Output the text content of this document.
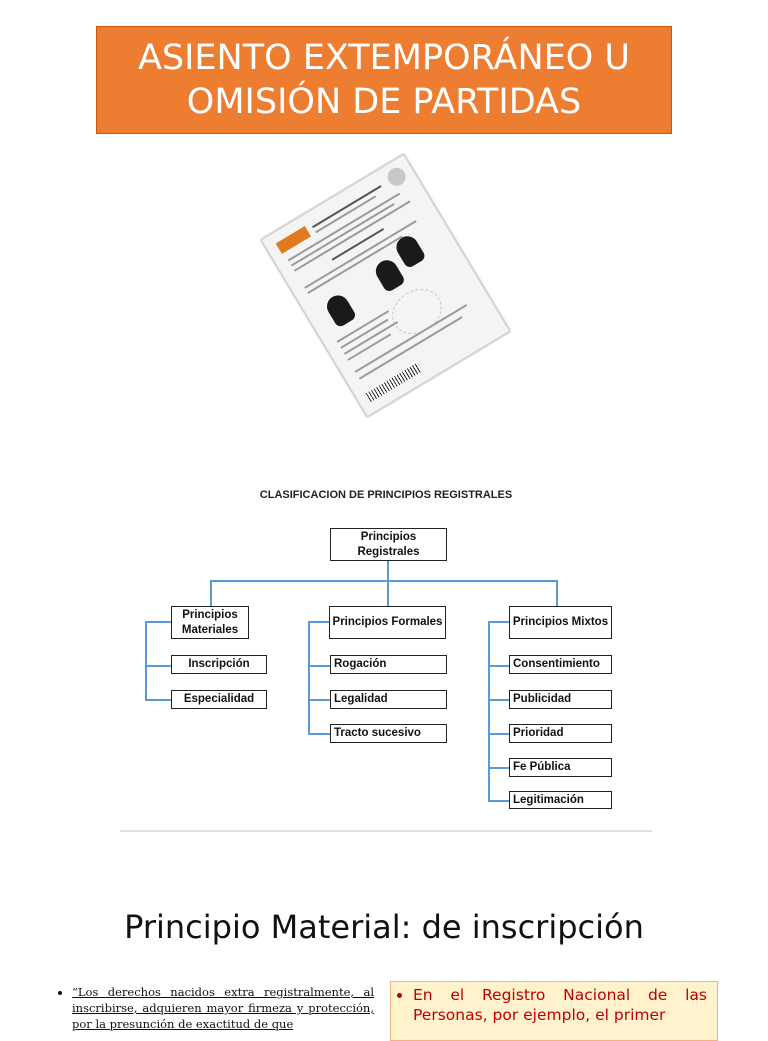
ASIENTO EXTEMPORÁNEO U
OMISIÓN DE PARTIDAS
CLASIFICACION DE PRINCIPIOS REGISTRALES
Principios Registrales
Principios Materiales
Principios Formales	Principios Mixtos
Inscripción
Especialidad
Rogación
Legalidad
Tracto sucesivo
Consentimiento
Publicidad
Prioridad
Fe Pública
Legitimación
Principio Material: de inscripción
• “Los derechos nacidos extra registralmente, al inscribirse, adquieren mayor firmeza y protección, por la presunción de exactitud de que
• En el Registro Nacional de las Personas, por ejemplo, el primer
